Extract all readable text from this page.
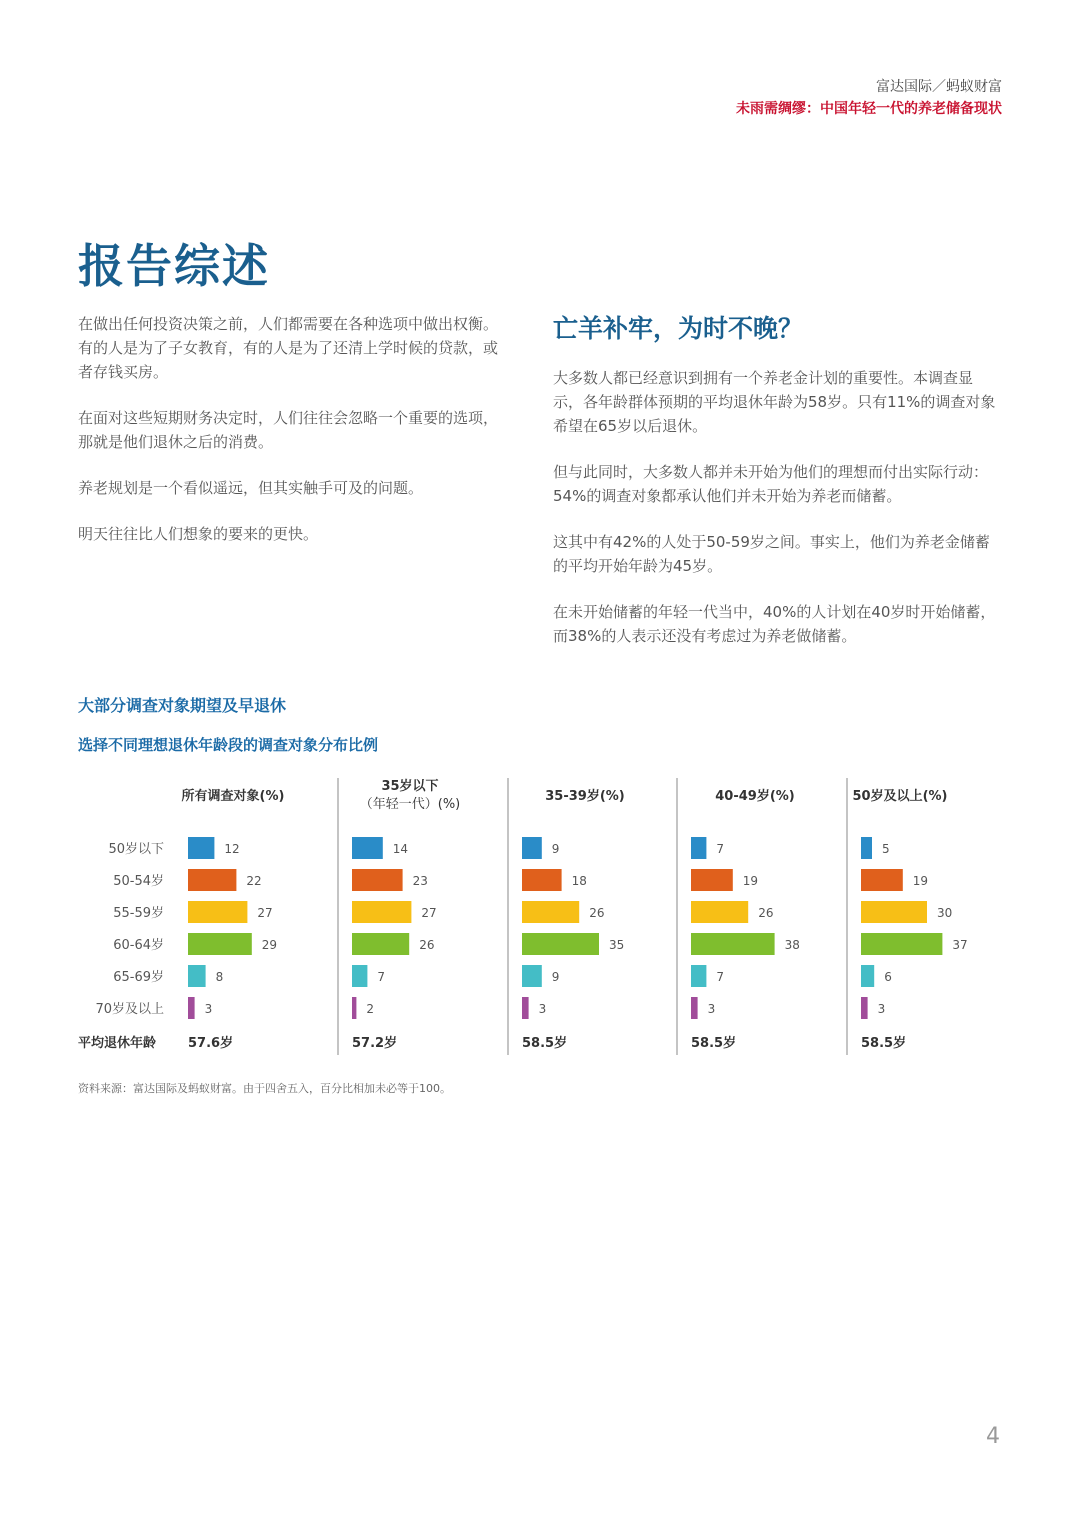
富达国际／蚂蚁财富
未雨需绸缪：中国年轻一代的养老储备现状
报告综述

在做出任何投资决策之前，人们都需要在各种选项中做出权衡。有的人是为了子女教育，有的人是为了还清上学时候的贷款，或者存钱买房。

在面对这些短期财务决定时，人们往往会忽略一个重要的选项，那就是他们退休之后的消费。

养老规划是一个看似遥远，但其实触手可及的问题。

明天往往比人们想象的要来的更快。

亡羊补牢，为时不晚？

大多数人都已经意识到拥有一个养老金计划的重要性。本调查显示，各年龄群体预期的平均退休年龄为58岁。只有11%的调查对象希望在65岁以后退休。

但与此同时，大多数人都并未开始为他们的理想而付出实际行动：54%的调查对象都承认他们并未开始为养老而储蓄。

这其中有42%的人处于50-59岁之间。事实上，他们为养老金储蓄的平均开始年龄为45岁。

在未开始储蓄的年轻一代当中，40%的人计划在40岁时开始储蓄，而38%的人表示还没有考虑过为养老做储蓄。

大部分调查对象期望及早退休
选择不同理想退休年龄段的调查对象分布比例
50岁以下
50-54岁
55-59岁
60-64岁
65-69岁
70岁及以上
平均退休年龄
所有调查对象(%)
12
22
27
29
8
3
57.6岁
35岁以下
（年轻一代）(%)
14
23
27
26
7
2
57.2岁
35-39岁(%)
9
18
26
35
9
3
58.5岁
40-49岁(%)
7
19
26
38
7
3
58.5岁
50岁及以上(%)
5
19
30
37
6
3
58.5岁
资料来源：富达国际及蚂蚁财富。由于四舍五入，百分比相加未必等于100。
4
